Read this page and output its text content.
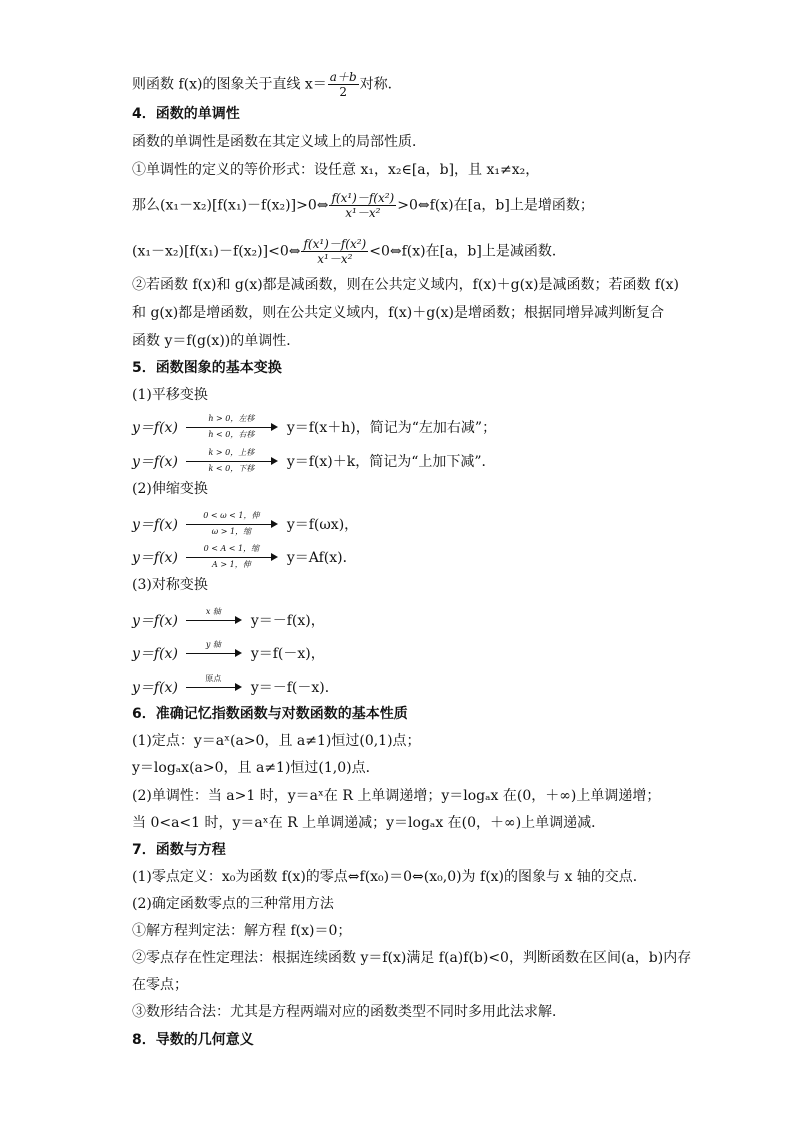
则函数 f(x)的图象关于直线 $x= \frac{a+b}{2}$ 对称．
4．函数的单调性
函数的单调性是函数在其定义域上的局部性质．
①单调性的定义的等价形式：设任意 x₁，x₂∈[a，b]，且 x₁≠x₂，
那么(x₁－x₂)[f(x₁)－f(x₂)]>0⇔ $\frac{\text{f(x¹)－f(x²)}}{\text{x¹－x²}}$ >0⇔f(x)在[a，b]上是增函数；
(x₁－x₂)[f(x₁)－f(x₂)]<0⇔ $\frac{\text{f(x¹)－f(x²)}}{\text{x¹－x²}}$ <0⇔f(x)在[a，b]上是减函数．
②若函数 f(x)和 g(x)都是减函数，则在公共定义域内，f(x)＋g(x)是减函数；若函数 f(x)
和 g(x)都是增函数，则在公共定义域内，f(x)＋g(x)是增函数；根据同增异减判断复合
函数 y＝f(g(x))的单调性．
5．函数图象的基本变换
(1)平移变换
y＝f(x)
h > 0，左移
h < 0，右移	y＝f(x＋h)，简记为“左加右减”；
y＝f(x)
k > 0，上移
k < 0，下移	y＝f(x)＋k，简记为“上加下减”．
(2)伸缩变换
y＝f(x)
0 < ω < 1，伸
ω > 1，缩	y＝f(ωx)，
y＝f(x)
0 < A < 1，缩
A > 1，伸	y＝Af(x)．
(3)对称变换
y＝f(x)
x 轴
y＝－f(x)，
y＝f(x)
y 轴
y＝f(－x)，
y＝f(x)
原点
y＝－f(－x)．
6．准确记忆指数函数与对数函数的基本性质
(1)定点：y＝aˣ(a>0，且 a≠1)恒过(0,1)点；
y＝logₐx(a>0，且 a≠1)恒过(1,0)点．
(2)单调性：当 a>1 时，y＝aˣ在 R 上单调递增；y＝logₐx 在(0，＋∞)上单调递增；
当 0<a<1 时，y＝aˣ在 R 上单调递减；y＝logₐx 在(0，＋∞)上单调递减．
7．函数与方程
(1)零点定义：x₀为函数 f(x)的零点⇔f(x₀)＝0⇔(x₀,0)为 f(x)的图象与 x 轴的交点．
(2)确定函数零点的三种常用方法
①解方程判定法：解方程 f(x)＝0；
②零点存在性定理法：根据连续函数 y＝f(x)满足 f(a)f(b)<0，判断函数在区间(a，b)内存
在零点；
③数形结合法：尤其是方程两端对应的函数类型不同时多用此法求解．
8．导数的几何意义
